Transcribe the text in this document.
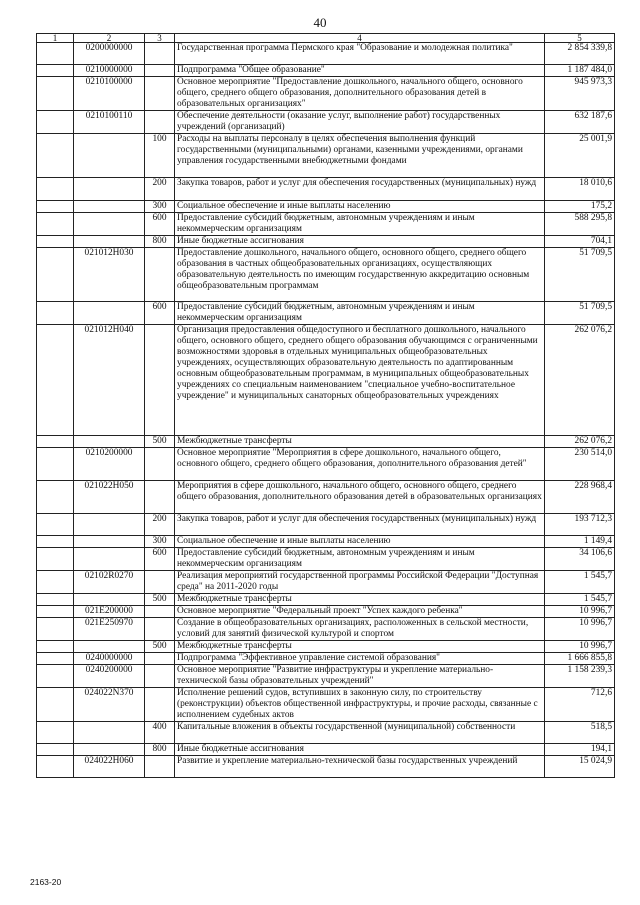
40
1	2	3	4	5
	0200000000		Государственная программа Пермского края "Образование и молодежная политика"	2 854 339,8
	0210000000		Подпрограмма "Общее образование"	1 187 484,0
	0210100000		Основное мероприятие "Предоставление дошкольного, начального общего, основного общего, среднего общего образования, дополнительного образования детей в образовательных организациях"	945 973,3
	0210100110		Обеспечение деятельности (оказание услуг, выполнение работ) государственных учреждений (организаций)	632 187,6
		100	Расходы на выплаты персоналу в целях обеспечения выполнения функций государственными (муниципальными) органами, казенными учреждениями, органами управления государственными внебюджетными фондами	25 001,9
		200	Закупка товаров, работ и услуг для обеспечения государственных (муниципальных) нужд	18 010,6
		300	Социальное обеспечение и иные выплаты населению	175,2
		600	Предоставление субсидий бюджетным, автономным учреждениям и иным некоммерческим организациям	588 295,8
		800	Иные бюджетные ассигнования	704,1
	021012Н030		Предоставление дошкольного, начального общего, основного общего, среднего общего образования в частных общеобразовательных организациях, осуществляющих образовательную деятельность по имеющим государственную аккредитацию основным общеобразовательным программам	51 709,5
		600	Предоставление субсидий бюджетным, автономным учреждениям и иным некоммерческим организациям	51 709,5
	021012Н040		Организация предоставления общедоступного и бесплатного дошкольного, начального общего, основного общего, среднего общего образования обучающимся с ограниченными возможностями здоровья в отдельных муниципальных общеобразовательных учреждениях, осуществляющих образовательную деятельность по адаптированным основным общеобразовательным программам, в муниципальных общеобразовательных учреждениях со специальным наименованием "специальное учебно-воспитательное учреждение" и муниципальных санаторных общеобразовательных учреждениях	262 076,2
		500	Межбюджетные трансферты	262 076,2
	0210200000		Основное мероприятие "Мероприятия в сфере дошкольного, начального общего, основного общего, среднего общего образования, дополнительного образования детей"	230 514,0
	021022Н050		Мероприятия в сфере дошкольного, начального общего, основного общего, среднего общего образования, дополнительного образования детей в образовательных организациях	228 968,4
		200	Закупка товаров, работ и услуг для обеспечения государственных (муниципальных) нужд	193 712,3
		300	Социальное обеспечение и иные выплаты населению	1 149,4
		600	Предоставление субсидий бюджетным, автономным учреждениям и иным некоммерческим организациям	34 106,6
	02102R0270		Реализация мероприятий государственной программы Российской Федерации "Доступная среда" на 2011-2020 годы	1 545,7
		500	Межбюджетные трансферты	1 545,7
	021E200000		Основное мероприятие "Федеральный проект "Успех каждого ребенка"	10 996,7
	021E250970		Создание в общеобразовательных организациях, расположенных в сельской местности, условий для занятий физической культурой и спортом	10 996,7
		500	Межбюджетные трансферты	10 996,7
	0240000000		Подпрограмма "Эффективное управление системой образования"	1 666 855,8
	0240200000		Основное мероприятие "Развитие инфраструктуры и укрепление материально-технической базы образовательных учреждений"	1 158 239,3
	024022N370		Исполнение решений судов, вступивших в законную силу, по строительству (реконструкции) объектов общественной инфраструктуры, и прочие расходы, связанные с исполнением судебных актов	712,6
		400	Капитальные вложения в объекты государственной (муниципальной) собственности	518,5
		800	Иные бюджетные ассигнования	194,1
	024022Н060		Развитие и укрепление материально-технической базы государственных учреждений	15 024,9
2163-20
